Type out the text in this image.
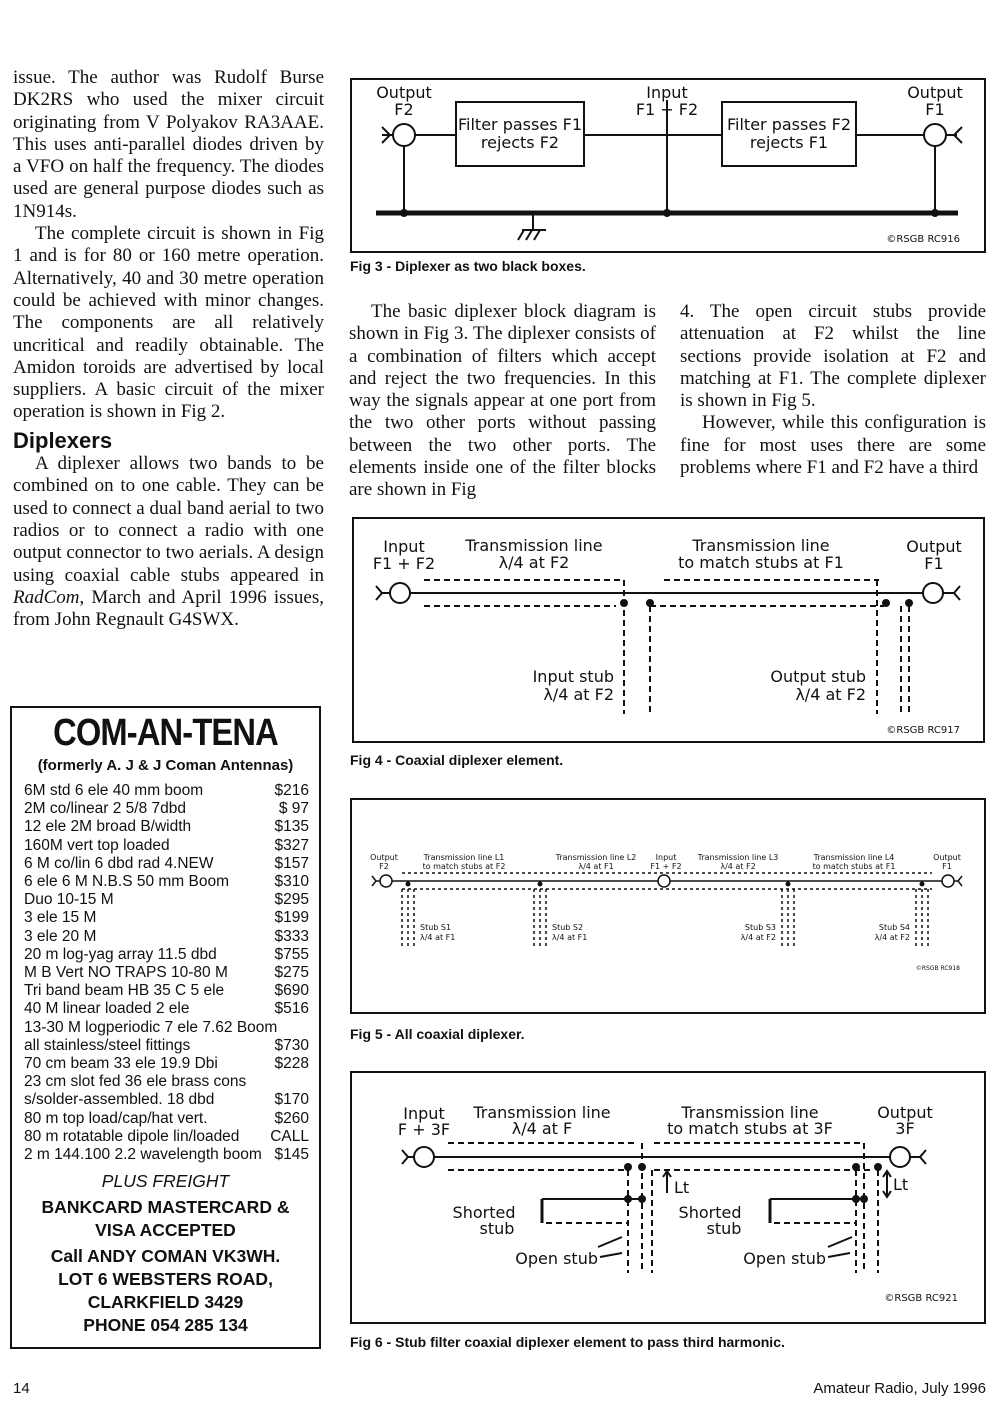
issue. The author was Rudolf Burse DK2RS who used the mixer circuit originating from V Polyakov RA3AAE. This uses anti-parallel diodes driven by a VFO on half the frequency. The diodes used are general purpose diodes such as 1N914s.

The complete circuit is shown in Fig 1 and is for 80 or 160 metre operation. Alternatively, 40 and 30 metre operation could be achieved with minor changes. The components are all relatively uncritical and readily obtainable. The Amidon toroids are advertised by local suppliers. A basic circuit of the mixer operation is shown in Fig 2.

Diplexers

A diplexer allows two bands to be combined on to one cable. They can be used to connect a dual band aerial to two radios or to connect a radio with one output connector to two aerials. A design using coaxial cable stubs appeared in RadCom, March and April 1996 issues, from John Regnault G4SWX.

Output
F2
Input
F1 + F2
Output
F1
Filter passes F1
rejects F2
Filter passes F2
rejects F1
©RSGB RC916
Fig 3 - Diplexer as two black boxes.

The basic diplexer block diagram is shown in Fig 3. The diplexer consists of a combination of filters which accept and reject the two frequencies. In this way the signals appear at one port from the two other ports without passing between the two other ports. The elements inside one of the filter blocks are shown in Fig

4. The open circuit stubs provide attenuation at F2 whilst the line sections provide isolation at F2 and matching at F1. The complete diplexer is shown in Fig 5.

However, while this configuration is fine for most uses there are some problems where F1 and F2 have a third

Input
F1 + F2
Transmission line
λ/4 at F2
Transmission line
to match stubs at F1
Output
F1
Input stub
λ/4 at F2
Output stub
λ/4 at F2
©RSGB RC917
Fig 4 - Coaxial diplexer element.
Output
F2
Transmission line L1
to match stubs at F2
Transmission line L2
λ/4 at F1
Input
F1 + F2
Transmission line L3
λ/4 at F2
Transmission line L4
to match stubs at F1
Output
F1
Stub S1
λ/4 at F1
Stub S2
λ/4 at F1
Stub S3
λ/4 at F2
Stub S4
λ/4 at F2
©RSGB RC918
Fig 5 - All coaxial diplexer.
Input
F + 3F
Transmission line
λ/4 at F
Transmission line
to match stubs at 3F
Output
3F
Lt	Lt
Shorted
stub
Shorted
stub
Open stub	Open stub
©RSGB RC921
Fig 6 - Stub filter coaxial diplexer element to pass third harmonic.
COM-AN-TENA
(formerly A. J & J Coman Antennas)
6M std 6 ele 40 mm boom	$216
2M co/linear 2 5/8 7dbd	$ 97
12 ele 2M broad B/width	$135
160M vert top loaded	$327
6 M co/lin 6 dbd rad 4.NEW	$157
6 ele 6 M N.B.S 50 mm Boom	$310
Duo 10-15 M	$295
3 ele 15 M	$199
3 ele 20 M	$333
20 m log-yag array 11.5 dbd	$755
M B Vert NO TRAPS 10-80 M	$275
Tri band beam HB 35 C 5 ele	$690
40 M linear loaded 2 ele	$516
13-30 M logperiodic 7 ele 7.62 Boom
all stainless/steel fittings	$730
70 cm beam 33 ele 19.9 Dbi	$228
23 cm slot fed 36 ele brass cons
s/solder-assembled. 18 dbd	$170
80 m top load/cap/hat vert.	$260
80 m rotatable dipole lin/loaded CALL
2 m 144.100 2.2 wavelength boom $145
PLUS FREIGHT
BANKCARD MASTERCARD &
VISA ACCEPTED
Call ANDY COMAN VK3WH.
LOT 6 WEBSTERS ROAD,
CLARKFIELD 3429
PHONE 054 285 134
14	Amateur Radio, July 1996
